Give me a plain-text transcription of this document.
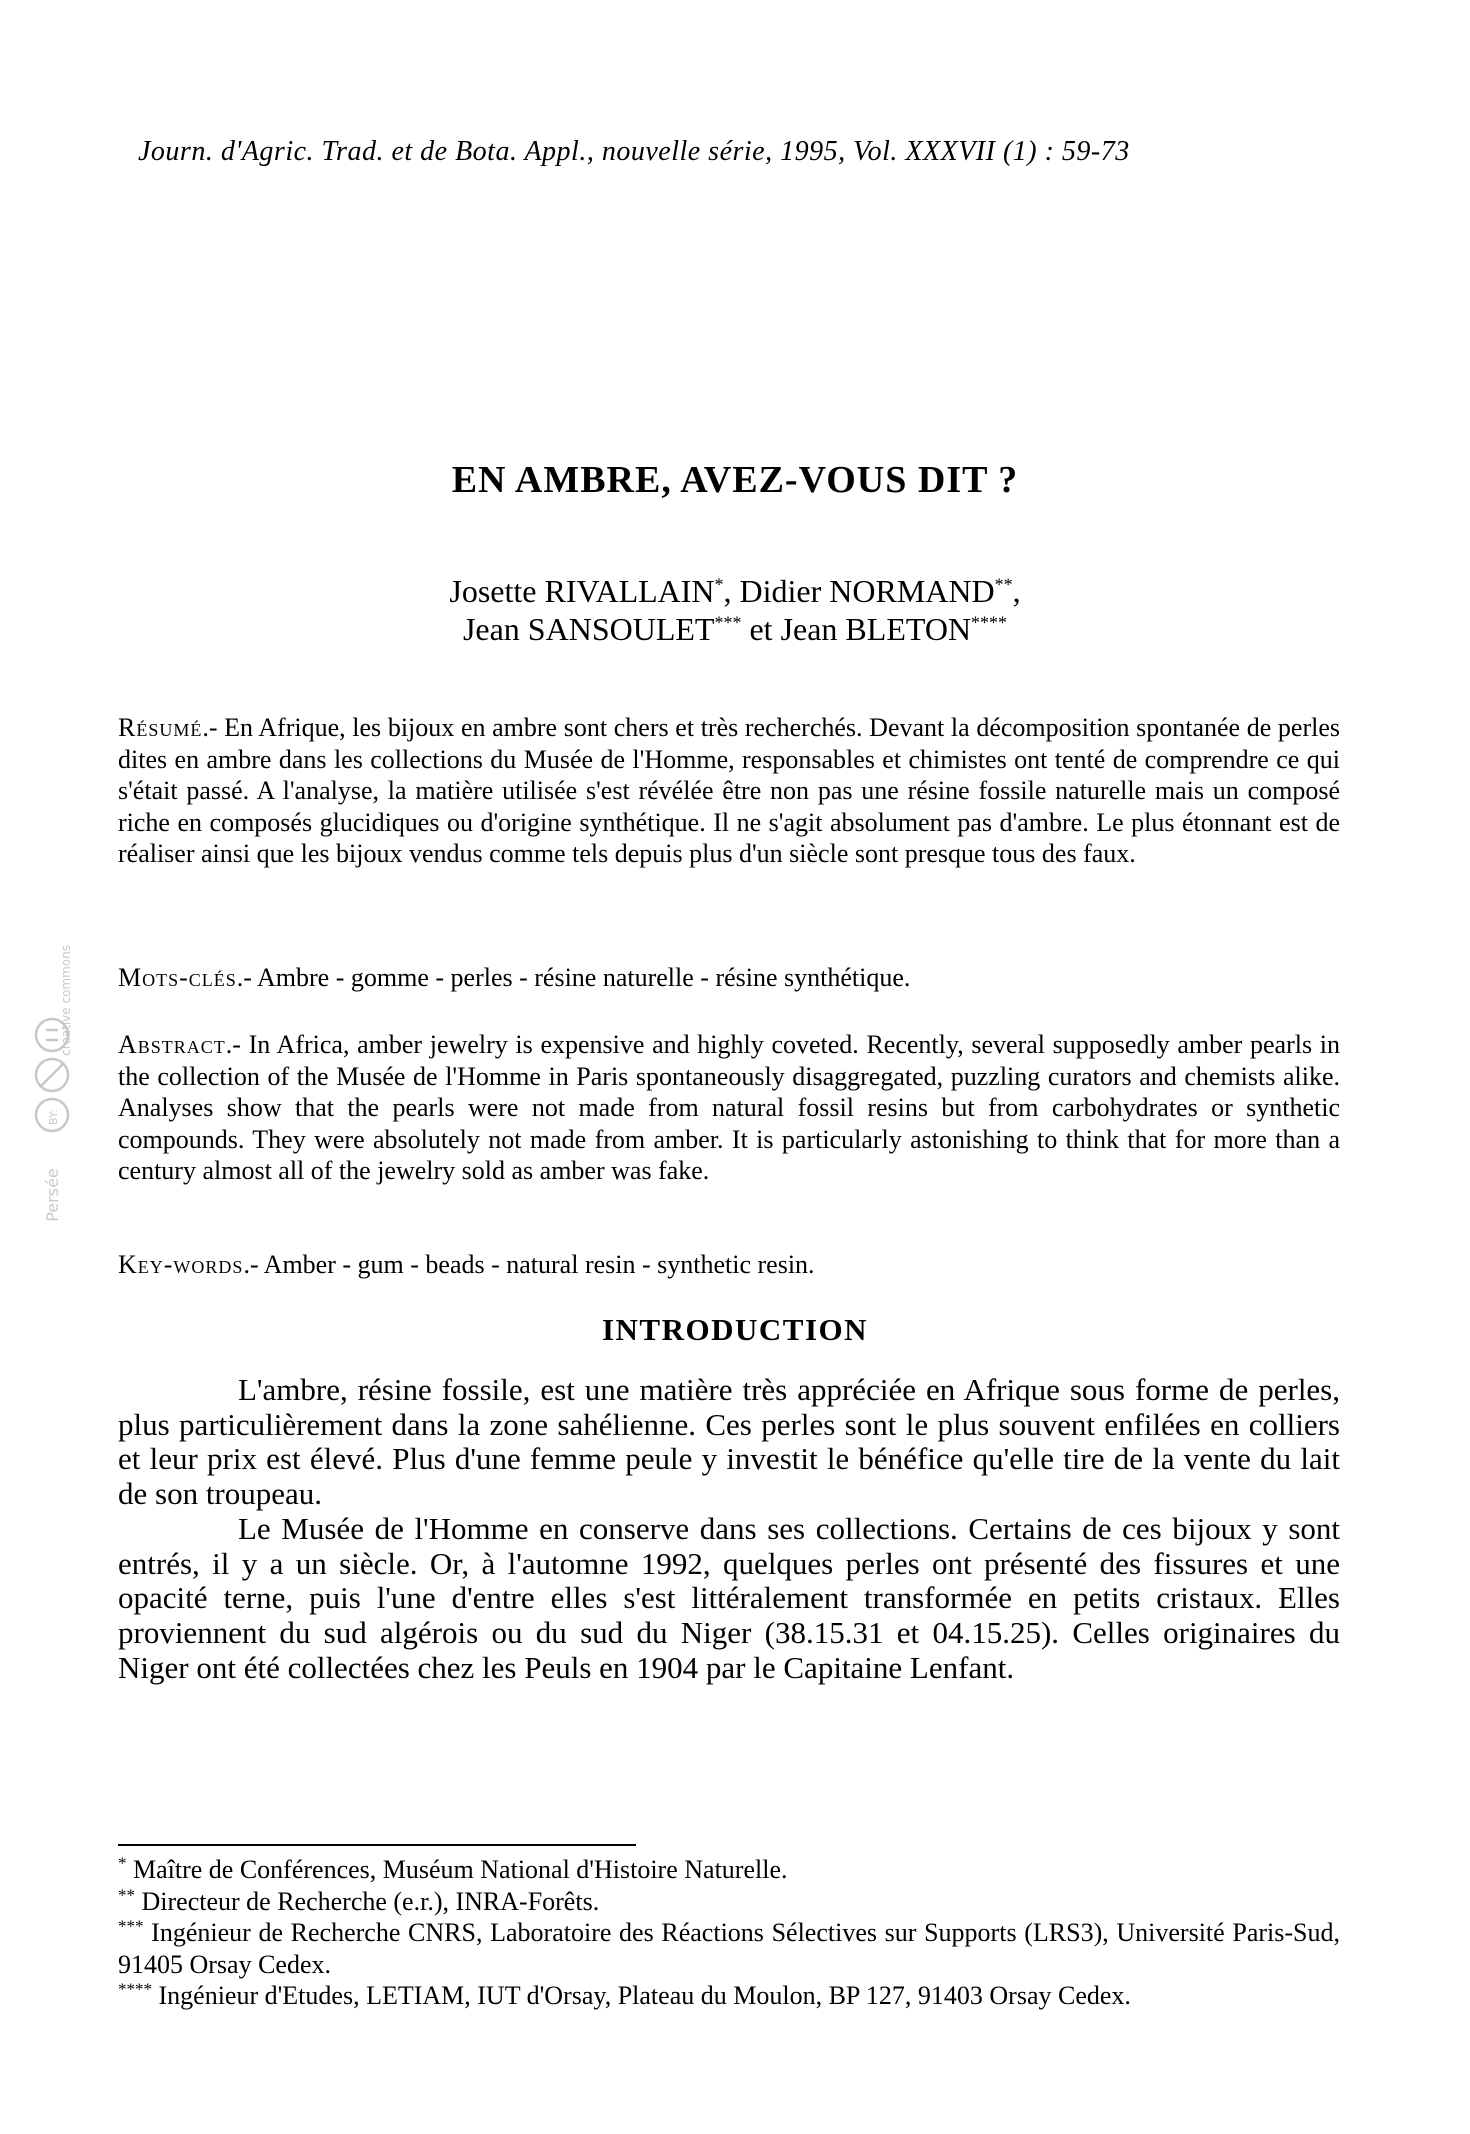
Journ. d'Agric. Trad. et de Bota. Appl., nouvelle série, 1995, Vol. XXXVII (1) : 59-73
EN AMBRE, AVEZ-VOUS DIT ?
Josette RIVALLAIN*, Didier NORMAND**,
Jean SANSOULET*** et Jean BLETON****

Résumé.- En Afrique, les bijoux en ambre sont chers et très recherchés. Devant la décomposition spontanée de perles dites en ambre dans les collections du Musée de l'Homme, responsables et chimistes ont tenté de comprendre ce qui s'était passé. A l'analyse, la matière utilisée s'est révélée être non pas une résine fossile naturelle mais un composé riche en composés glucidiques ou d'origine synthétique. Il ne s'agit absolument pas d'ambre. Le plus étonnant est de réaliser ainsi que les bijoux vendus comme tels depuis plus d'un siècle sont presque tous des faux.

Mots-clés.- Ambre - gomme - perles - résine naturelle - résine synthétique.

Abstract.- In Africa, amber jewelry is expensive and highly coveted. Recently, several supposedly amber pearls in the collection of the Musée de l'Homme in Paris spontaneously disaggregated, puzzling curators and chemists alike. Analyses show that the pearls were not made from natural fossil resins but from carbohydrates or synthetic compounds. They were absolutely not made from amber. It is particularly astonishing to think that for more than a century almost all of the jewelry sold as amber was fake.

Key-words.- Amber - gum - beads - natural resin - synthetic resin.

INTRODUCTION

L'ambre, résine fossile, est une matière très appréciée en Afrique sous forme de perles, plus particulièrement dans la zone sahélienne. Ces perles sont le plus souvent enfilées en colliers et leur prix est élevé. Plus d'une femme peule y investit le bénéfice qu'elle tire de la vente du lait de son troupeau.

Le Musée de l'Homme en conserve dans ses collections. Certains de ces bijoux y sont entrés, il y a un siècle. Or, à l'automne 1992, quelques perles ont présenté des fissures et une opacité terne, puis l'une d'entre elles s'est littéralement transformée en petits cristaux. Elles proviennent du sud algérois ou du sud du Niger (38.15.31 et 04.15.25). Celles originaires du Niger ont été collectées chez les Peuls en 1904 par le Capitaine Lenfant.

* Maître de Conférences, Muséum National d'Histoire Naturelle.

** Directeur de Recherche (e.r.), INRA-Forêts.

*** Ingénieur de Recherche CNRS, Laboratoire des Réactions Sélectives sur Supports (LRS3), Université Paris-Sud, 91405 Orsay Cedex.

**** Ingénieur d'Etudes, LETIAM, IUT d'Orsay, Plateau du Moulon, BP 127, 91403 Orsay Cedex.

creative commons
BY:
Persée
